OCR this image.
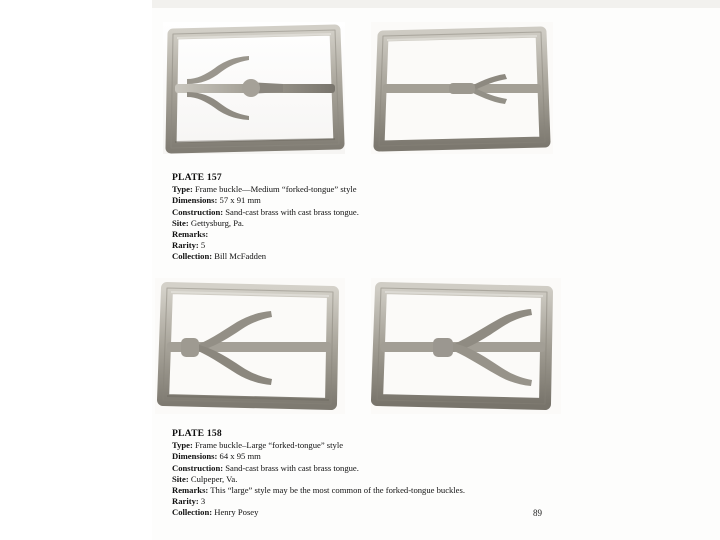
PLATE 157
Type: Frame buckle—Medium “forked-tongue” style
Dimensions: 57 x 91 mm
Construction: Sand-cast brass with cast brass tongue.
Site: Gettysburg, Pa.
Remarks:
Rarity: 5
Collection: Bill McFadden
PLATE 158
Type: Frame buckle–Large “forked-tongue” style
Dimensions: 64 x 95 mm
Construction: Sand-cast brass with cast brass tongue.
Site: Culpeper, Va.
Remarks: This “large” style may be the most common of the forked-tongue buckles.
Rarity: 3
Collection: Henry Posey	89
